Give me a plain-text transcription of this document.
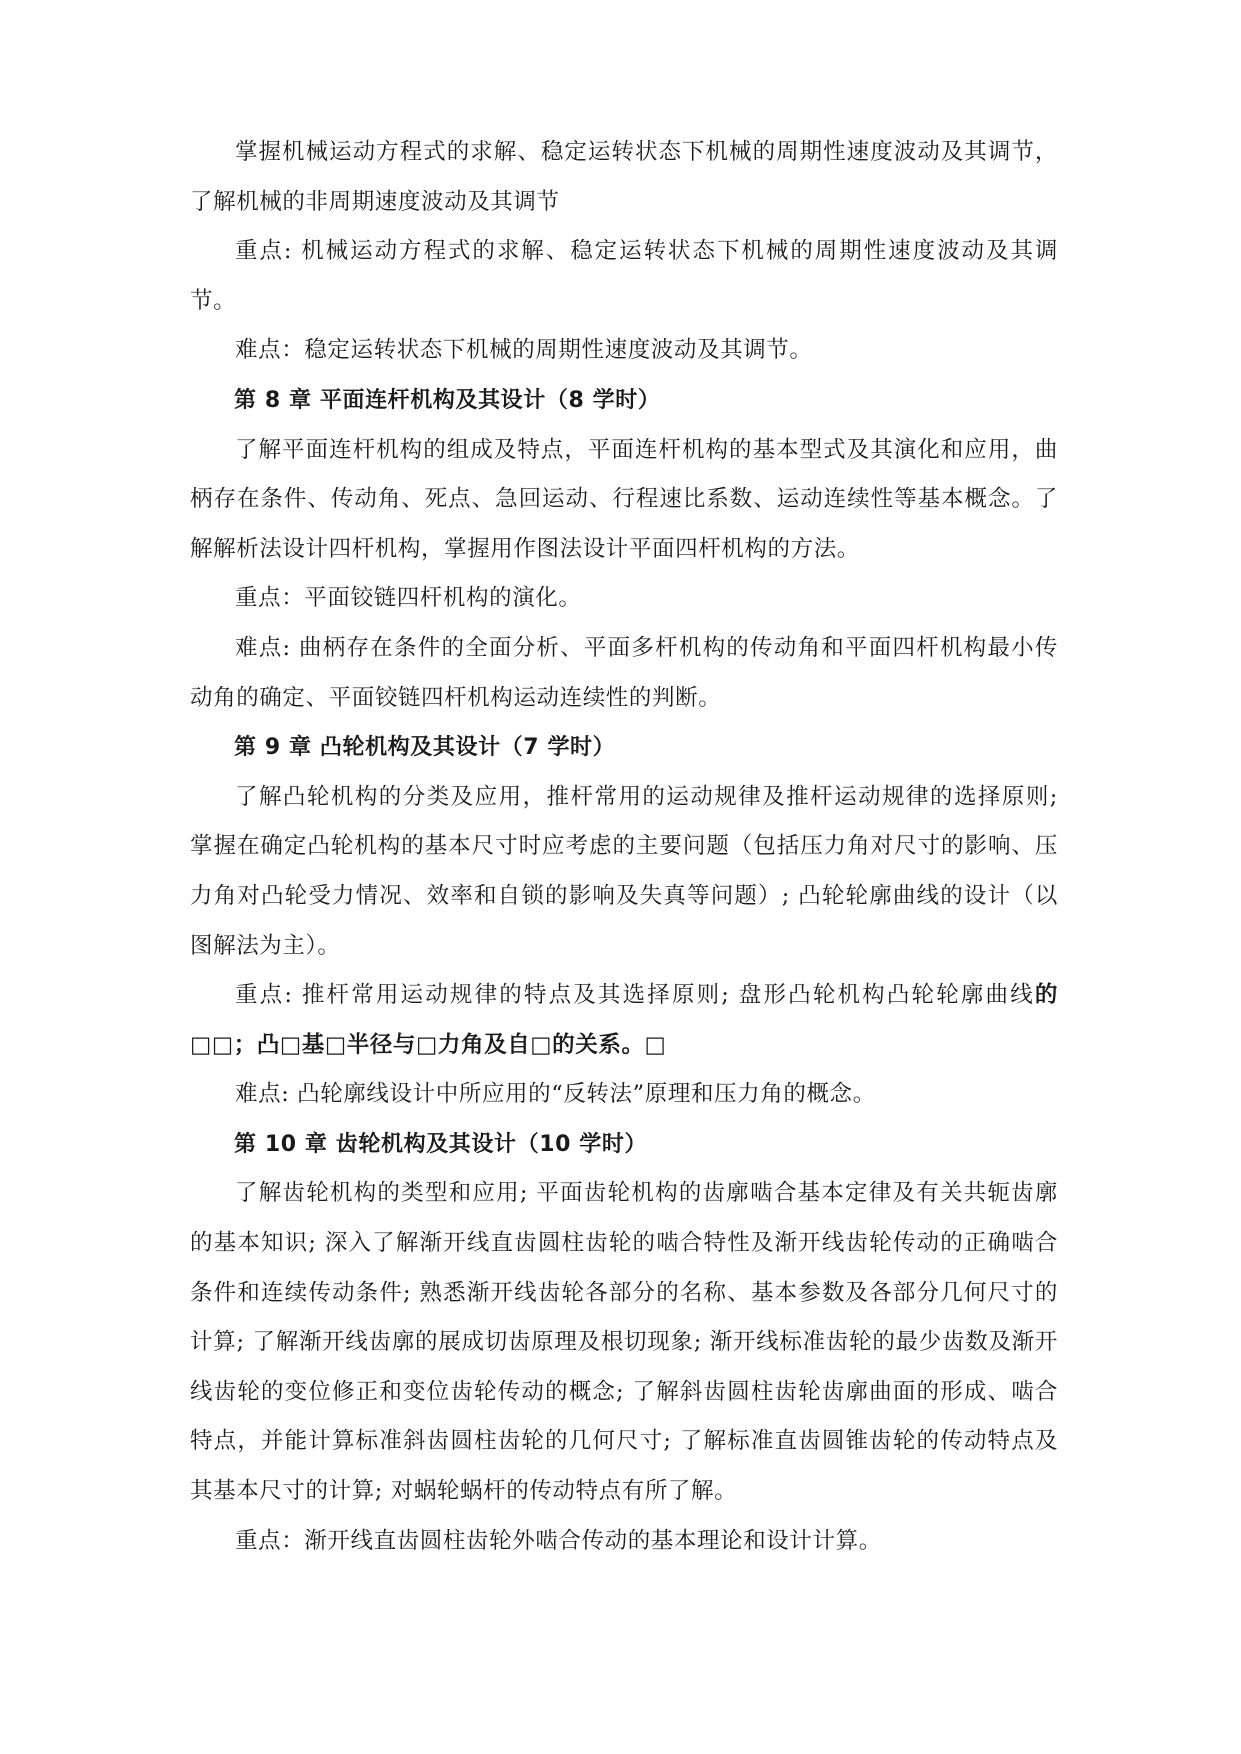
掌握机械运动方程式的求解、稳定运转状态下机械的周期性速度波动及其调节，了解机械的非周期速度波动及其调节

重点: 机械运动方程式的求解、稳定运转状态下机械的周期性速度波动及其调节。

难点：稳定运转状态下机械的周期性速度波动及其调节。

第 8 章 平面连杆机构及其设计（8 学时）

了解平面连杆机构的组成及特点，平面连杆机构的基本型式及其演化和应用，曲柄存在条件、传动角、死点、急回运动、行程速比系数、运动连续性等基本概念。了解解析法设计四杆机构，掌握用作图法设计平面四杆机构的方法。

重点：平面铰链四杆机构的演化。

难点: 曲柄存在条件的全面分析、平面多杆机构的传动角和平面四杆机构最小传动角的确定、平面铰链四杆机构运动连续性的判断。

第 9 章 凸轮机构及其设计（7 学时）

了解凸轮机构的分类及应用，推杆常用的运动规律及推杆运动规律的选择原则; 掌握在确定凸轮机构的基本尺寸时应考虑的主要问题（包括压力角对尺寸的影响、压力角对凸轮受力情况、效率和自锁的影响及失真等问题）; 凸轮轮廓曲线的设计（以图解法为主）。

重点: 推杆常用运动规律的特点及其选择原则; 盘形凸轮机构凸轮轮廓曲线的□□；凸□基□半径与□力角及自□的关系。□

难点: 凸轮廓线设计中所应用的“反转法”原理和压力角的概念。

第 10 章 齿轮机构及其设计（10 学时）

了解齿轮机构的类型和应用; 平面齿轮机构的齿廓啮合基本定律及有关共轭齿廓的基本知识; 深入了解渐开线直齿圆柱齿轮的啮合特性及渐开线齿轮传动的正确啮合条件和连续传动条件; 熟悉渐开线齿轮各部分的名称、基本参数及各部分几何尺寸的计算; 了解渐开线齿廓的展成切齿原理及根切现象; 渐开线标准齿轮的最少齿数及渐开线齿轮的变位修正和变位齿轮传动的概念; 了解斜齿圆柱齿轮齿廓曲面的形成、啮合特点，并能计算标准斜齿圆柱齿轮的几何尺寸; 了解标准直齿圆锥齿轮的传动特点及其基本尺寸的计算; 对蜗轮蜗杆的传动特点有所了解。

重点：渐开线直齿圆柱齿轮外啮合传动的基本理论和设计计算。
